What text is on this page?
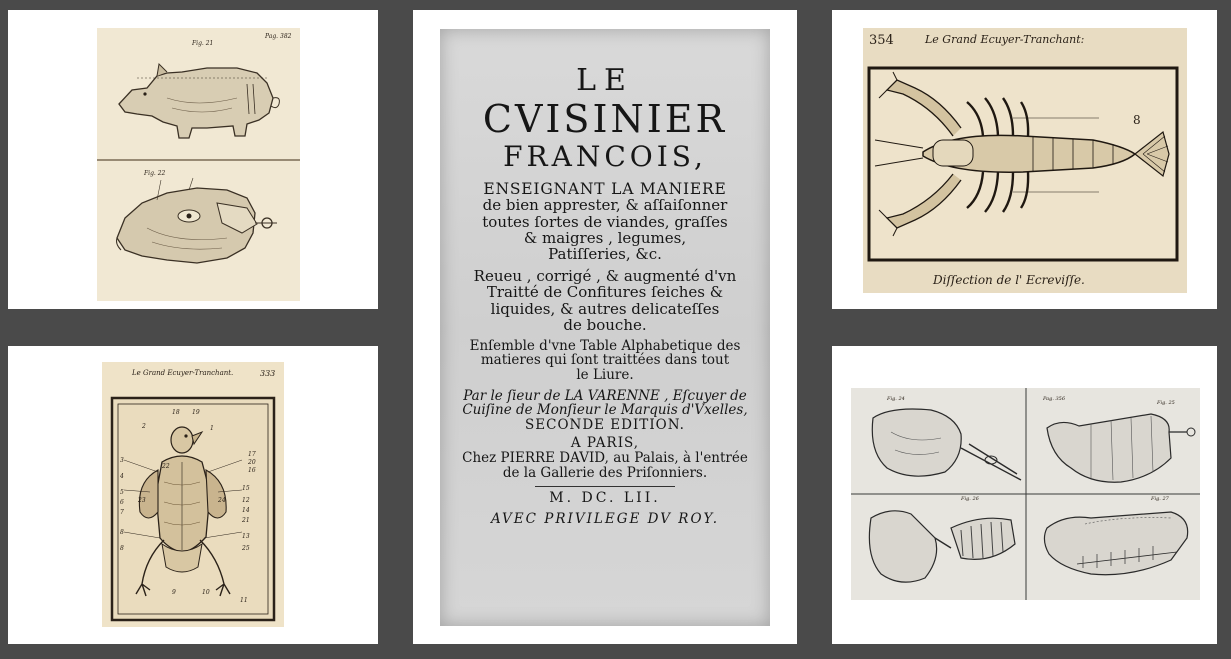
Fig. 21
Pag. 382
Fig. 22
Le Grand Ecuyer-Tranchant.	333
18 19
1
2
3
4
5
6
7
8
9	10
11
12
13
14
15
16
17
20
22
23	24
21
25
8
LE
CVISINIER
FRANCOIS,
ENSEIGNANT LA MANIERE
de bien apprester, & aſſaiſonner
toutes ſortes de viandes, graſſes
& maigres , legumes,
Patiſſeries, &c.
Reueu , corrigé , & augmenté d'vn
Traitté de Confitures ſeiches &
liquides, & autres delicateſſes
de bouche.
Enſemble d'vne Table Alphabetique des
matieres qui ſont traittées dans tout
le Liure.
Par le ſieur de LA VARENNE , Eſcuyer de
Cuiſine de Monſieur le Marquis d'Vxelles,
SECONDE EDITION.
A PARIS,
Chez PIERRE DAVID, au Palais, à l'entrée
de la Gallerie des Priſonniers.
M. DC. LII.
AVEC PRIVILEGE DV ROY.
354	Le Grand Ecuyer-Tranchant:
8
Diſſection de l' Ecreviſſe.
Fig. 24	Pag. 356
Fig. 25
Fig. 26	Fig. 27
